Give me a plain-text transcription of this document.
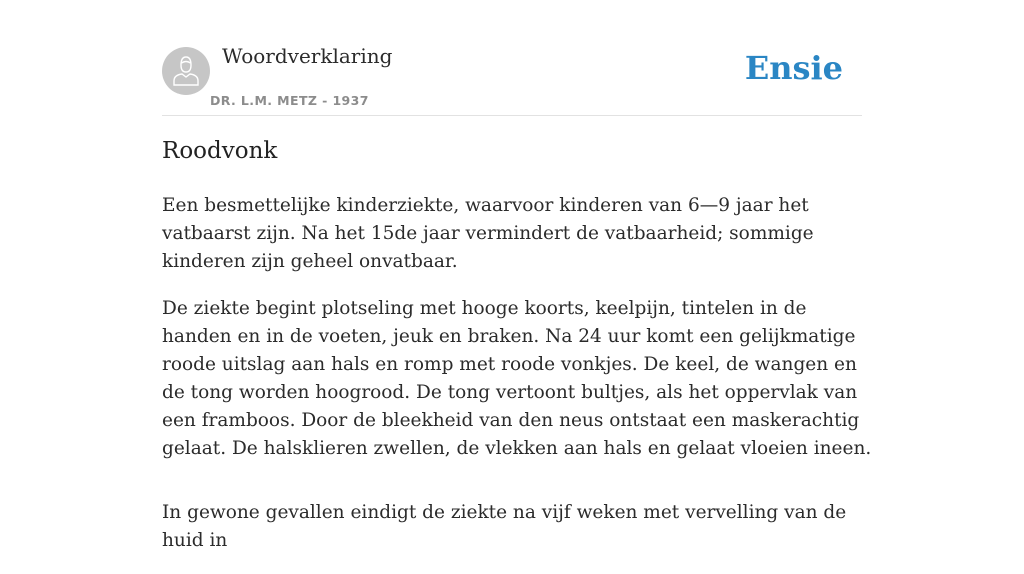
Woordverklaring
DR. L.M. METZ - 1937
Ensie
Roodvonk

Een besmettelijke kinderziekte, waarvoor kinderen van 6—9 jaar het vatbaarst zijn. Na het 15de jaar vermindert de vatbaarheid; sommige kinderen zijn geheel onvatbaar.

De ziekte begint plotseling met hooge koorts, keelpijn, tintelen in de handen en in de voeten, jeuk en braken. Na 24 uur komt een gelijkmatige roode uitslag aan hals en romp met roode vonkjes. De keel, de wangen en de tong worden hoogrood. De tong vertoont bultjes, als het oppervlak van een framboos. Door de bleekheid van den neus ontstaat een maskerachtig gelaat. De halsklieren zwellen, de vlekken aan hals en gelaat vloeien ineen.

In gewone gevallen eindigt de ziekte na vijf weken met vervelling van de huid in
